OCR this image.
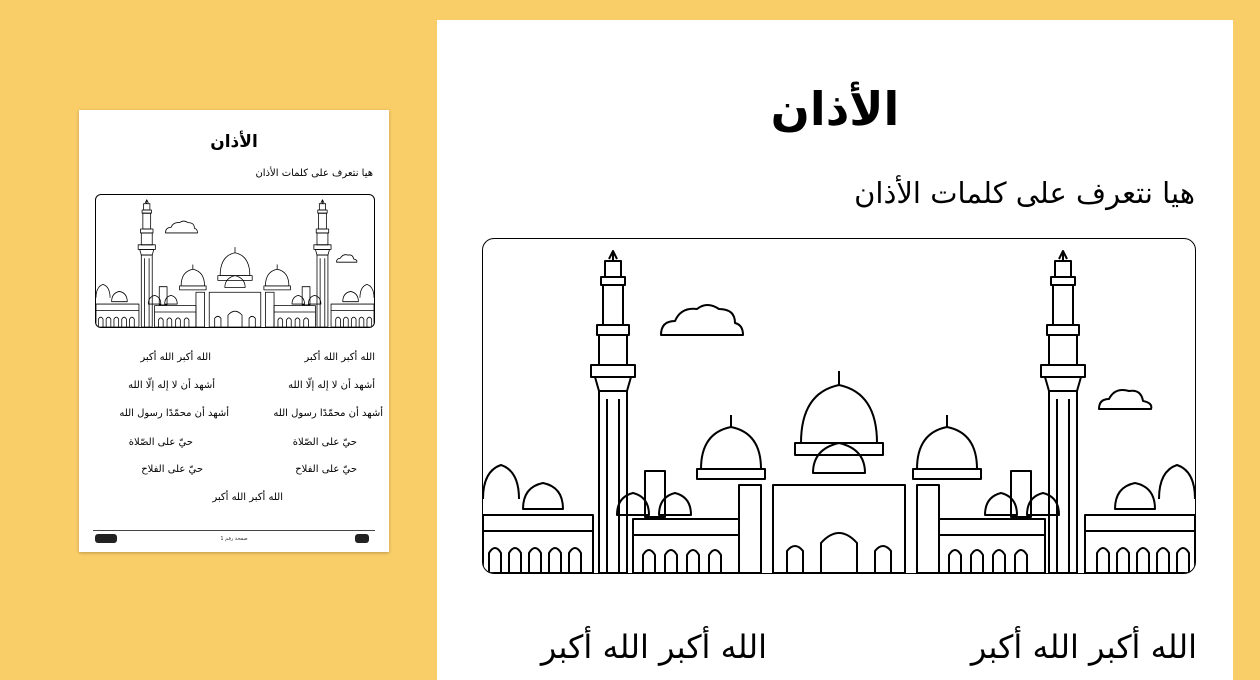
الأذان
هيا نتعرف على كلمات الأذان
الله أكبر الله أكبر
الله أكبر الله أكبر
أشهد أن لا إله إلّا الله
أشهد أن لا إله إلّا الله
أشهد أن محمّدًا رسول الله
أشهد أن محمّدًا رسول الله
حيّ على الصّلاة
حيّ على الصّلاة
حيّ على الفلاح
حيّ على الفلاح
الله أكبر الله أكبر
صفحة رقم 1
الأذان
هيا نتعرف على كلمات الأذان
الله أكبر الله أكبر
الله أكبر الله أكبر
